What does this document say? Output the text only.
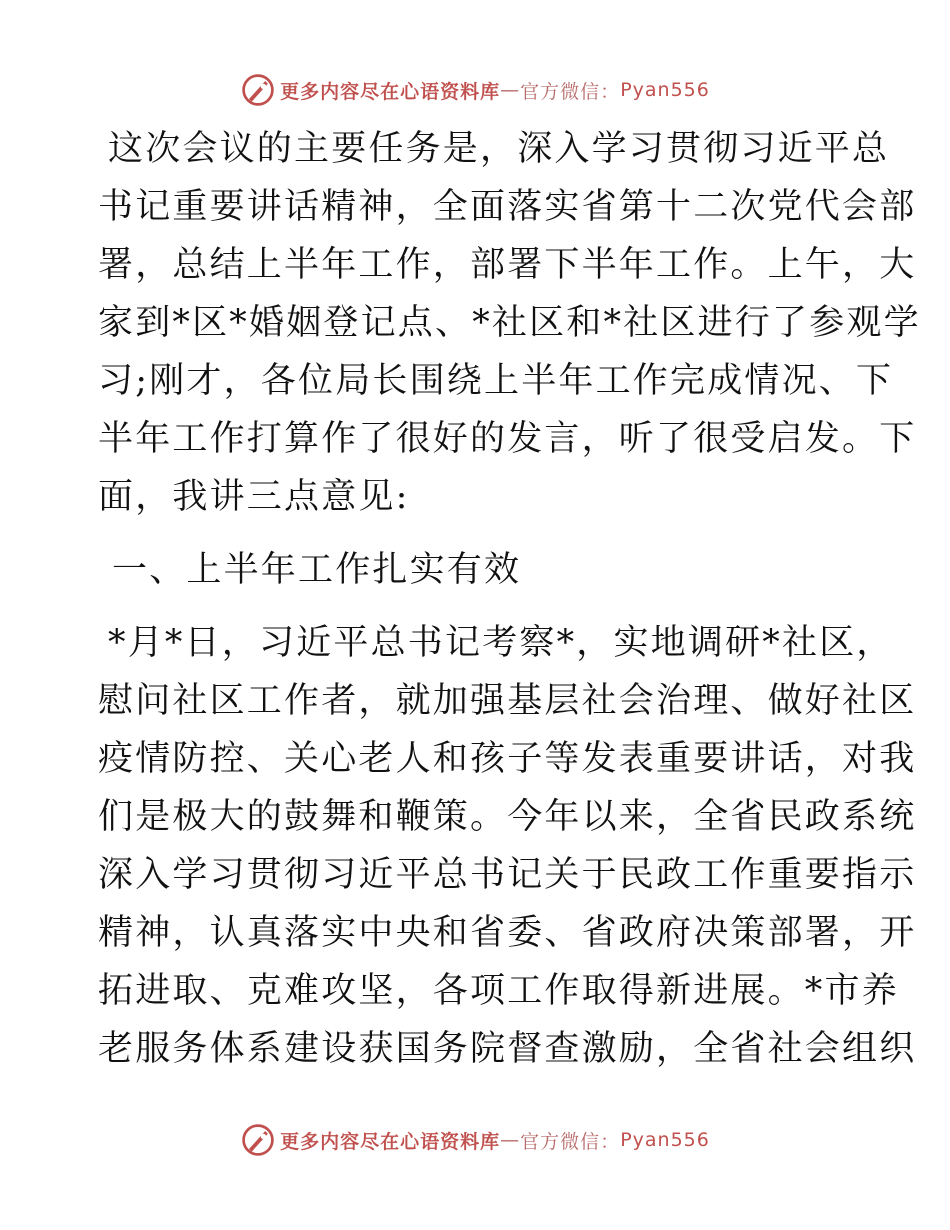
更多内容尽在心语资料库 — 官方微信： Pyan556
这次会议的主要任务是，深入学习贯彻习近平总
书记重要讲话精神，全面落实省第十二次党代会部
署，总结上半年工作，部署下半年工作。上午，大
家到*区*婚姻登记点、*社区和*社区进行了参观学
习;刚才，各位局长围绕上半年工作完成情况、下
半年工作打算作了很好的发言，听了很受启发。下
面，我讲三点意见:
一、上半年工作扎实有效
*月*日，习近平总书记考察*，实地调研*社区，
慰问社区工作者，就加强基层社会治理、做好社区
疫情防控、关心老人和孩子等发表重要讲话，对我
们是极大的鼓舞和鞭策。今年以来，全省民政系统
深入学习贯彻习近平总书记关于民政工作重要指示
精神，认真落实中央和省委、省政府决策部署，开
拓进取、克难攻坚，各项工作取得新进展。*市养
老服务体系建设获国务院督查激励，全省社会组织
更多内容尽在心语资料库 — 官方微信： Pyan556
